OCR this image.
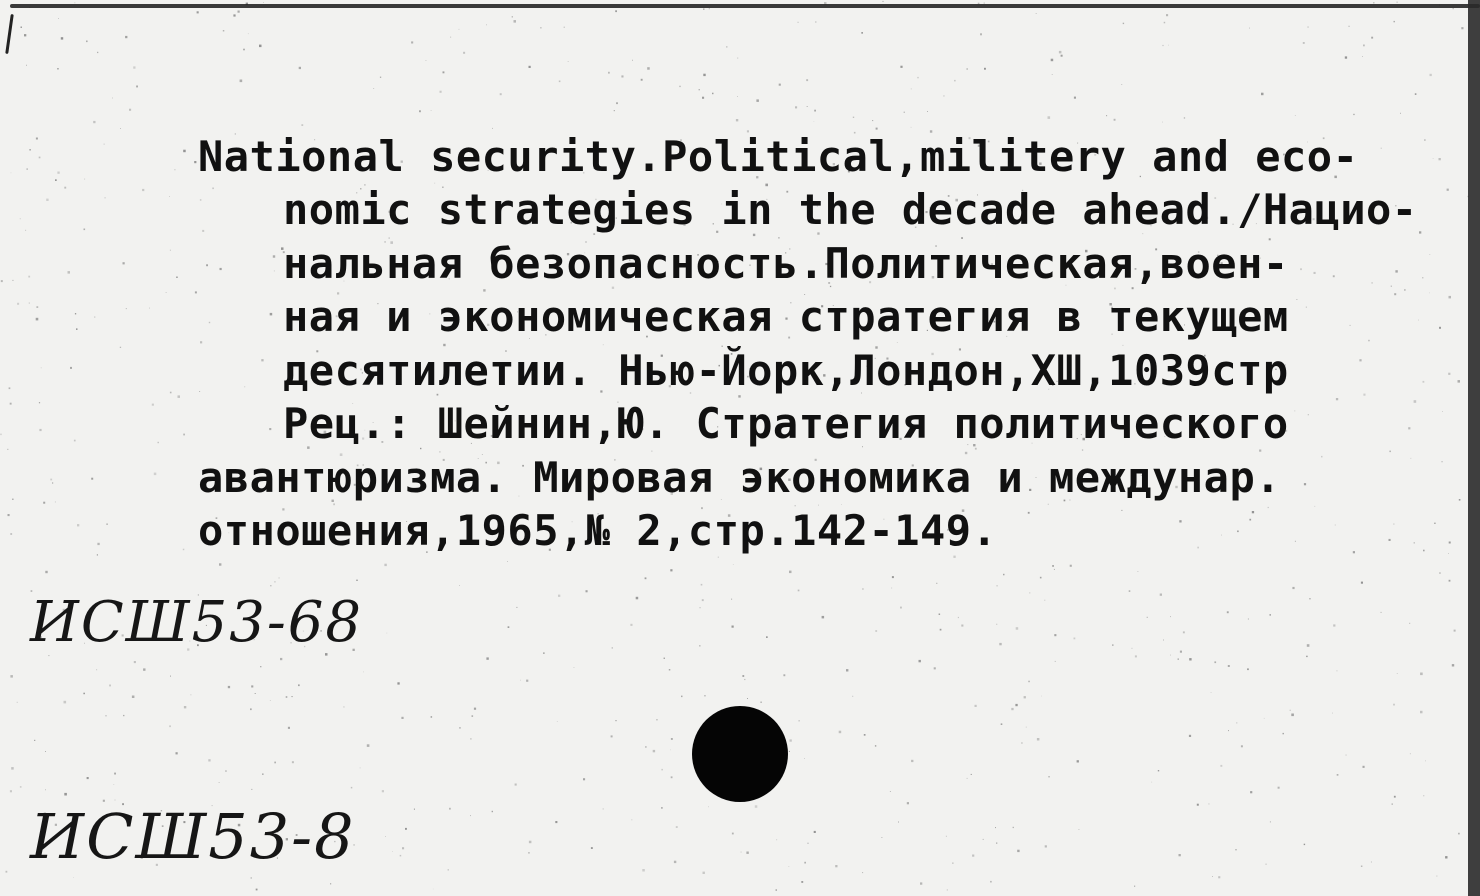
National security.Political,militery and eco-

nomic strategies in the decade ahead./Нацио-

нальная безопасность.Политическая,воен-

ная и экономическая стратегия в текущем

десятилетии. Нью-Йорк,Лондон,XШ,1039стр

Рец.: Шейнин,Ю. Стратегия политического

авантюризма. Мировая экономика и междунар.

отношения,1965,№ 2,стр.142-149.

ИСШ53-68

ИСШ53-8
